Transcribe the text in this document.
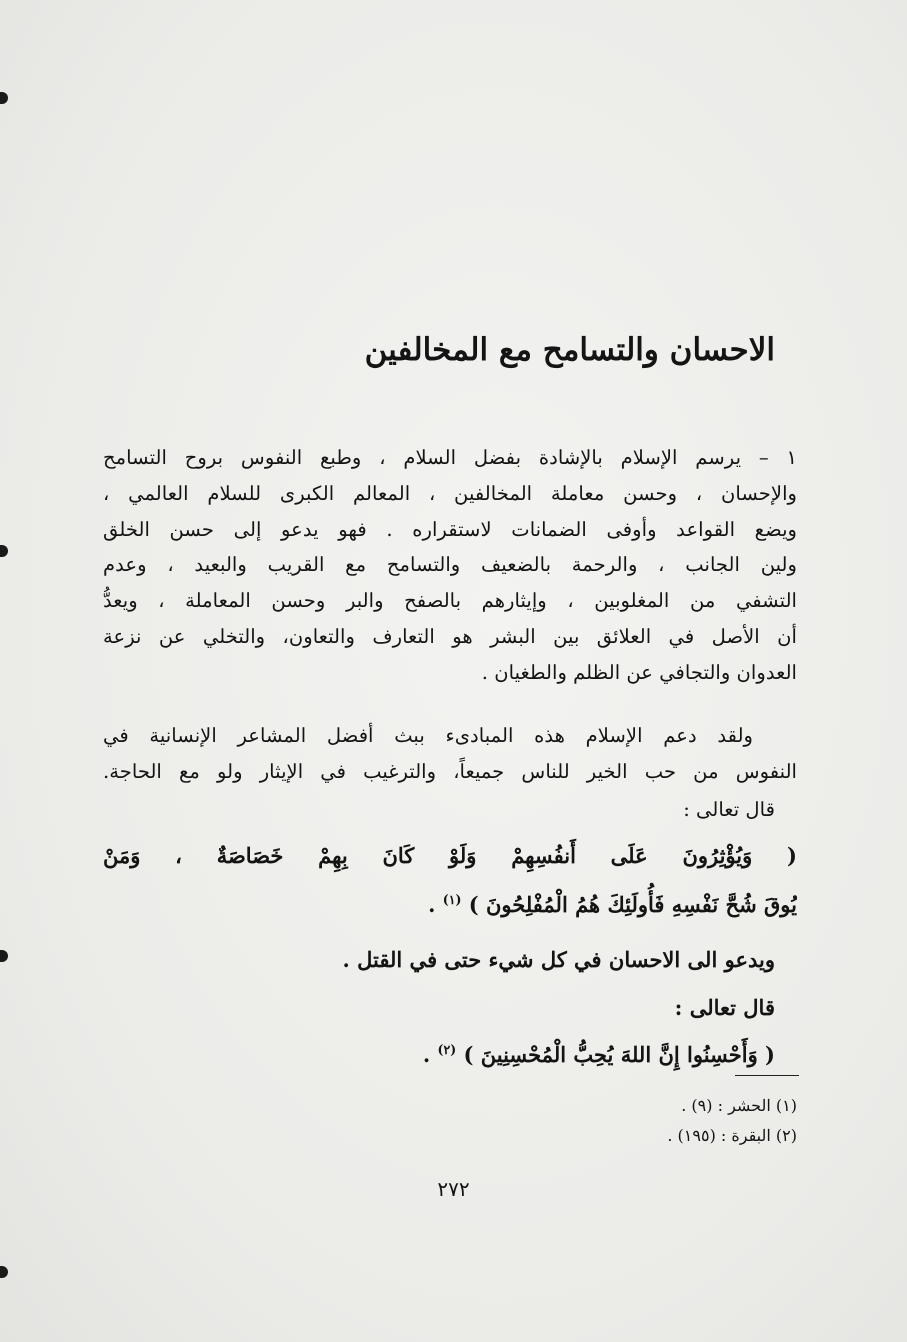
الاحسان والتسامح مع المخالفين
١ – يرسم الإسلام بالإشادة بفضل السلام ، وطبع النفوس بروح التسامح
والإحسان ، وحسن معاملة المخالفين ، المعالم الكبرى للسلام العالمي ،
ويضع القواعد وأوفى الضمانات لاستقراره . فهو يدعو إلى حسن الخلق
ولين الجانب ، والرحمة بالضعيف والتسامح مع القريب والبعيد ، وعدم
التشفي من المغلوبين ، وإيثارهم بالصفح والبر وحسن المعاملة ، ويعدُّ
أن الأصل في العلائق بين البشر هو التعارف والتعاون، والتخلي عن نزعة
العدوان والتجافي عن الظلم والطغيان .
ولقد دعم الإسلام هذه المبادىء ببث أفضل المشاعر الإنسانية في
النفوس من حب الخير للناس جميعاً، والترغيب في الإيثار ولو مع الحاجة.
قال تعالى :
( وَيُؤْثِرُونَ عَلَى أَنفُسِهِمْ وَلَوْ كَانَ بِهِمْ خَصَاصَةٌ ، وَمَنْ
يُوقَ شُحَّ نَفْسِهِ فَأُولَئِكَ هُمُ الْمُفْلِحُونَ ) $^{(١)}$ .
ويدعو الى الاحسان في كل شيء حتى في القتل .
قال تعالى :
( وَأَحْسِنُوا إِنَّ اللهَ يُحِبُّ الْمُحْسِنِينَ ) $^{(٢)}$ .
(١) الحشر : (٩) .
(٢) البقرة : (١٩٥) .
٢٧٢
